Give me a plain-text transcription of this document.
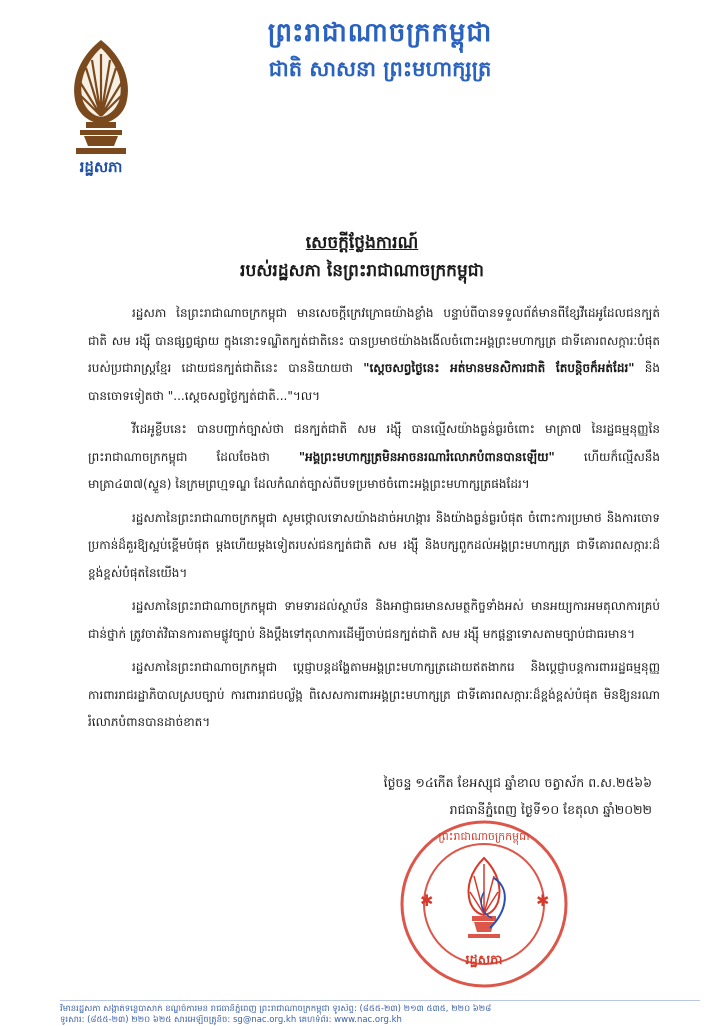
រដ្ឋសភា
ព្រះរាជាណាចក្រកម្ពុជា
ជាតិ សាសនា ព្រះមហាក្សត្រ
សេចក្តីថ្លែងការណ៍
របស់រដ្ឋសភា នៃព្រះរាជាណាចក្រកម្ពុជា

រដ្ឋសភា នៃព្រះរាជាណាចក្រកម្ពុជា មានសេចក្តីក្រេវក្រោធយ៉ាងខ្លាំង បន្ទាប់ពីបានទទួលព័ត៌មានពីខ្សែវីដេអូដែលជនក្បត់ជាតិ សម រង្ស៊ី បានផ្សព្វផ្សាយ ក្នុងនោះទណ្ឌិតក្បត់ជាតិនេះ បានប្រមាថយ៉ាងងងើលចំពោះអង្គព្រះមហាក្សត្រ ជាទីគោរពសក្ការៈបំផុតរបស់ប្រជារាស្ត្រខ្មែរ ដោយជនក្បត់ជាតិនេះ បាននិយាយថា "ស្តេចសព្វថ្ងៃនេះ អត់មានមនសិការជាតិ តែបន្តិចក៏អត់ដែរ" និងបានចោទទៀតថា "...ស្តេចសព្វថ្ងៃក្បត់ជាតិ..."។ល។

វីដេអូខ្លីបនេះ បានបញ្ជាក់ច្បាស់ថា ជនក្បត់ជាតិ សម រង្ស៊ី បានល្មើសយ៉ាងធ្ងន់ធ្ងរចំពោះ មាត្រា៧ នៃរដ្ឋធម្មនុញ្ញនៃព្រះរាជាណាចក្រកម្ពុជា ដែលចែងថា "អង្គព្រះមហាក្សត្រមិនអាចនរណារំលោភបំពានបានឡើយ" ហើយក៏ល្មើសនឹង មាត្រា៤៣៧(ស្ទួន) នៃក្រមព្រហ្មទណ្ឌ ដែលកំណត់ច្បាស់ពីបទប្រមាថចំពោះអង្គព្រះមហាក្សត្រផងដែរ។

រដ្ឋសភានៃព្រះរាជាណាចក្រកម្ពុជា សូមថ្កោលទោសយ៉ាងដាច់អហង្ការ និងយ៉ាងធ្ងន់ធ្ងរបំផុត ចំពោះការប្រមាថ និងការចោទប្រកាន់ដ៏គួរឱ្យស្អប់ខ្ពើមបំផុត ម្តងហើយម្តងទៀតរបស់ជនក្បត់ជាតិ សម រង្ស៊ី និងបក្សពួកដល់អង្គព្រះមហាក្សត្រ ជាទីគោរពសក្ការៈដ៏ខ្ពង់ខ្ពស់បំផុតនៃយើង។

រដ្ឋសភានៃព្រះរាជាណាចក្រកម្ពុជា ទាមទារដល់ស្ថាប័ន និងអាជ្ញាធរមានសមត្ថកិច្ចទាំងអស់ មានអយ្យការអមតុលាការគ្រប់ជាន់ថ្នាក់ ត្រូវចាត់វិធានការតាមផ្លូវច្បាប់ និងប្តឹងទៅតុលាការដើម្បីចាប់ជនក្បត់ជាតិ សម រង្ស៊ី មកផ្តន្ទាទោសតាមច្បាប់ជាធរមាន។

រដ្ឋសភានៃព្រះរាជាណាចក្រកម្ពុជា ប្តេជ្ញាបន្តដង្ហែតាមអង្គព្រះមហាក្សត្រដោយឥតងាករេ និងប្តេជ្ញាបន្តការពាររដ្ឋធម្មនុញ្ញ ការពាររាជរដ្ឋាភិបាលស្របច្បាប់ ការពាររាជបល្ល័ង្ក ពិសេសការពារអង្គព្រះមហាក្សត្រ ជាទីគោរពសក្ការៈដ៏ខ្ពង់ខ្ពស់បំផុត មិនឱ្យនរណារំលោភបំពានបានដាច់ខាត។

ថ្ងៃចន្ទ ១៤កើត ខែអស្សុជ ឆ្នាំខាល ចត្វាស័ក ព.ស.២៥៦៦
រាជធានីភ្នំពេញ ថ្ងៃទី១០ ខែតុលា ឆ្នាំ២០២២
✱	✱
រដ្ឋសភា
ព្រះរាជាណាចក្រកម្ពុជា
វិមានរដ្ឋសភា សង្កាត់ទន្លេបាសាក់ ខណ្ឌចំការមន រាជធានីភ្នំពេញ ព្រះរាជាណាចក្រកម្ពុជា ទូរស័ព្ទ: (៨៥៥-២៣) ២១៣ ៥៣៥, ២២០ ៦២៨
ទូរសារ: (៨៥៥-២៣) ២២០ ៦២៥ សារអេឡិចត្រូនិច: sg@nac.org.kh គេហទំព័រ: www.nac.org.kh
